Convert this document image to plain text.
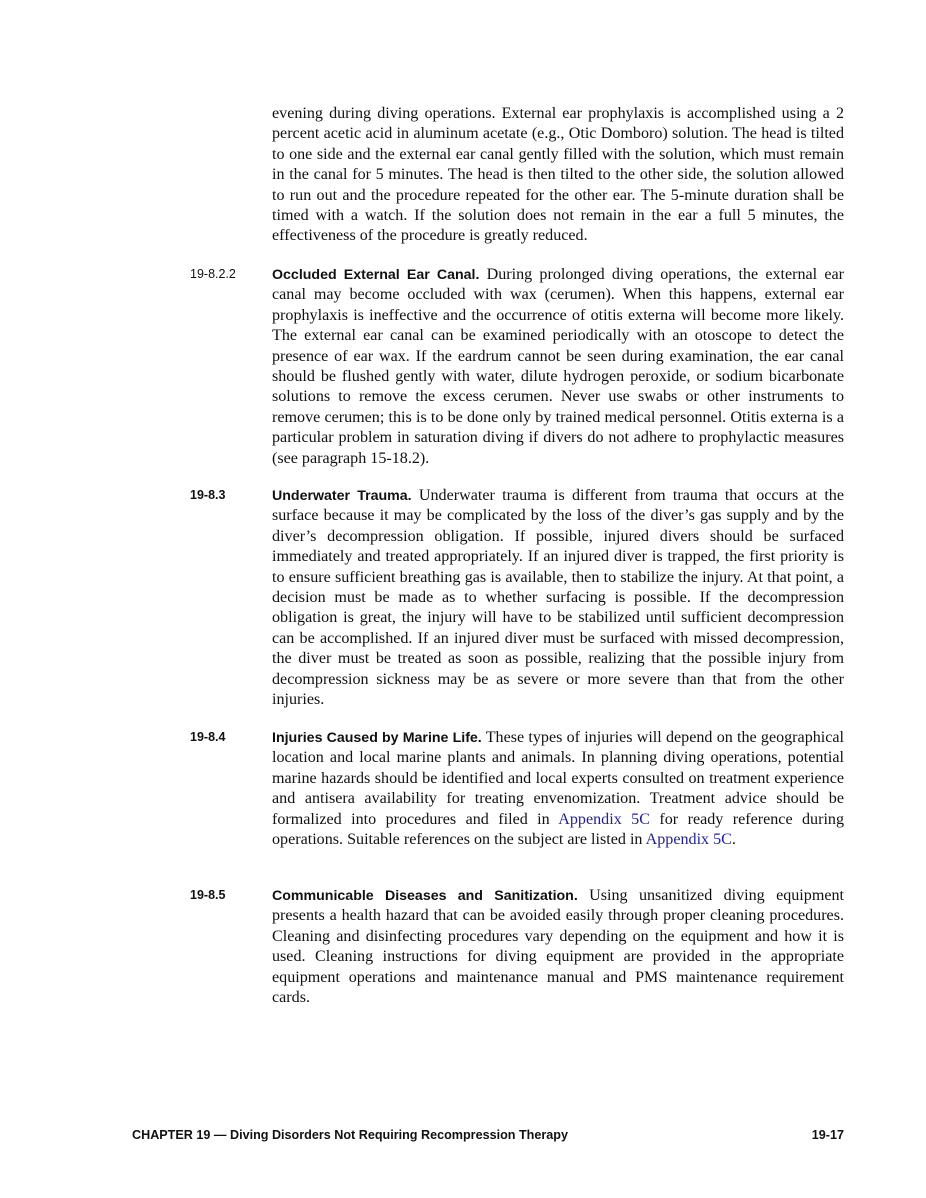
evening during diving operations. External ear prophylaxis is accomplished using a 2 percent acetic acid in aluminum acetate (e.g., Otic Domboro) solution. The head is tilted to one side and the external ear canal gently filled with the solution, which must remain in the canal for 5 minutes. The head is then tilted to the other side, the solution allowed to run out and the procedure repeated for the other ear. The 5-minute duration shall be timed with a watch. If the solution does not remain in the ear a full 5 minutes, the effectiveness of the procedure is greatly reduced.
19-8.2.2	Occluded External Ear Canal. During prolonged diving operations, the external ear canal may become occluded with wax (cerumen). When this happens, external ear prophylaxis is ineffective and the occurrence of otitis externa will become more likely. The external ear canal can be examined periodically with an otoscope to detect the presence of ear wax. If the eardrum cannot be seen during examination, the ear canal should be flushed gently with water, dilute hydrogen peroxide, or sodium bicarbonate solutions to remove the excess cerumen. Never use swabs or other instruments to remove cerumen; this is to be done only by trained medical personnel. Otitis externa is a particular problem in saturation diving if divers do not adhere to prophylactic measures (see paragraph 15-18.2).
19-8.3	Underwater Trauma. Underwater trauma is different from trauma that occurs at the surface because it may be complicated by the loss of the diver’s gas supply and by the diver’s decompression obligation. If possible, injured divers should be surfaced immediately and treated appropriately. If an injured diver is trapped, the first priority is to ensure sufficient breathing gas is available, then to stabilize the injury. At that point, a decision must be made as to whether surfacing is possible. If the decompression obligation is great, the injury will have to be stabilized until sufficient decompression can be accomplished. If an injured diver must be surfaced with missed decompression, the diver must be treated as soon as possible, realizing that the possible injury from decompression sickness may be as severe or more severe than that from the other injuries.
19-8.4	Injuries Caused by Marine Life. These types of injuries will depend on the geographical location and local marine plants and animals. In planning diving operations, potential marine hazards should be identified and local experts consulted on treatment experience and antisera availability for treating envenomization. Treatment advice should be formalized into procedures and filed in Appendix 5C for ready reference during operations. Suitable references on the subject are listed in Appendix 5C.
19-8.5	Communicable Diseases and Sanitization. Using unsanitized diving equipment presents a health hazard that can be avoided easily through proper cleaning procedures. Cleaning and disinfecting procedures vary depending on the equipment and how it is used. Cleaning instructions for diving equipment are provided in the appropriate equipment operations and maintenance manual and PMS maintenance requirement cards.
CHAPTER 19 — Diving Disorders Not Requiring Recompression Therapy	19-17
